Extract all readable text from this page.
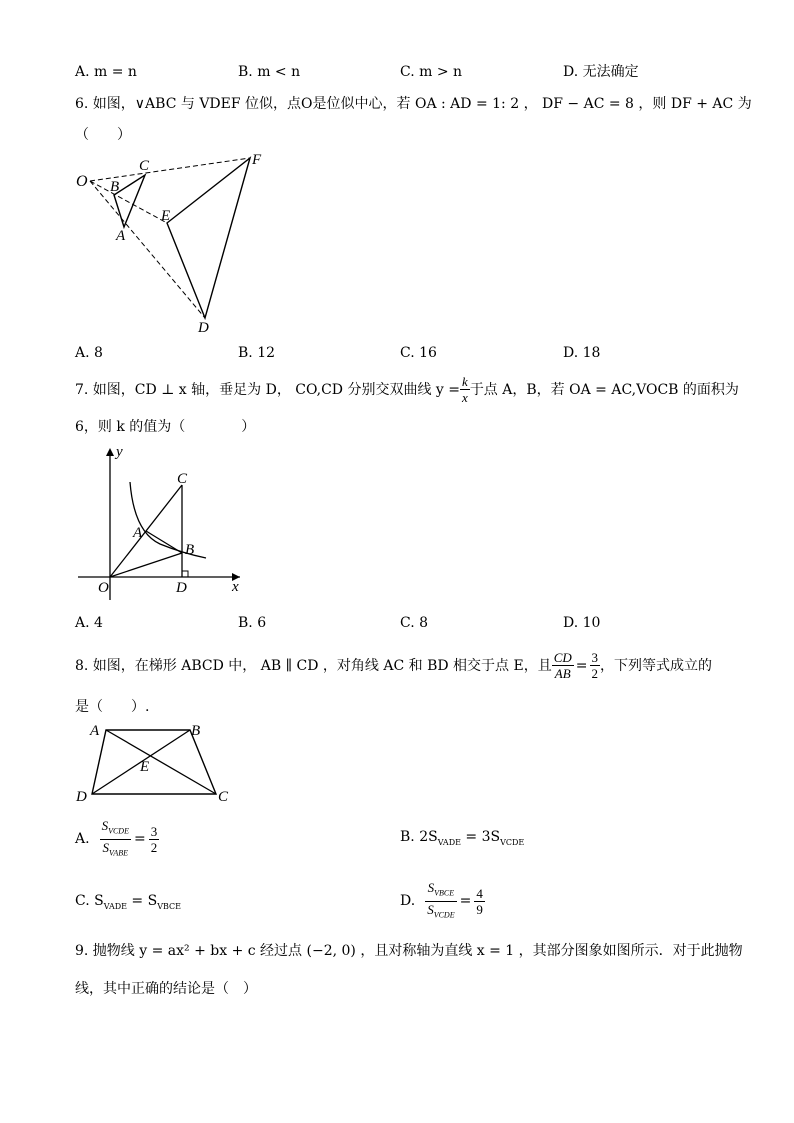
A. m = n	B. m < n	C. m > n	D. 无法确定
6. 如图，∨ABC 与 VDEF 位似，点O是位似中心，若 OA : AD = 1: 2 ， DF − AC = 8 ，则 DF + AC 为
（　　）
O B
C
A
E
F
D
A. 8	B. 12	C. 16	D. 18
7. 如图，CD ⊥ x 轴，垂足为 D， CO,CD 分别交双曲线 $y = \frac{k}{x}$ 于点 A，B，若 OA = AC,VOCB 的面积为
6，则 k 的值为（　　　　）
y
C
A
B
O	D	x
A. 4	B. 6	C. 8	D. 10
8. 如图，在梯形 ABCD 中， AB ∥ CD ，对角线 AC 和 BD 相交于点 E，且 $\frac{CD}{AB} = \frac{3}{2}$ ，下列等式成立的
是（　　）.
A	B
E
D	C
A. $\frac{S_{VCDE}}{S_{VABE}} = \frac{3}{2}$	B. $2S_{VADE} = 3S_{VCDE}$
C. $S_{VADE} = S_{VBCE}$	D. $\frac{S_{VBCE}}{S_{VCDE}} = \frac{4}{9}$
9. 抛物线 y = ax² + bx + c 经过点 (−2, 0) ，且对称轴为直线 x = 1 ，其部分图象如图所示．对于此抛物
线，其中正确的结论是（　）
